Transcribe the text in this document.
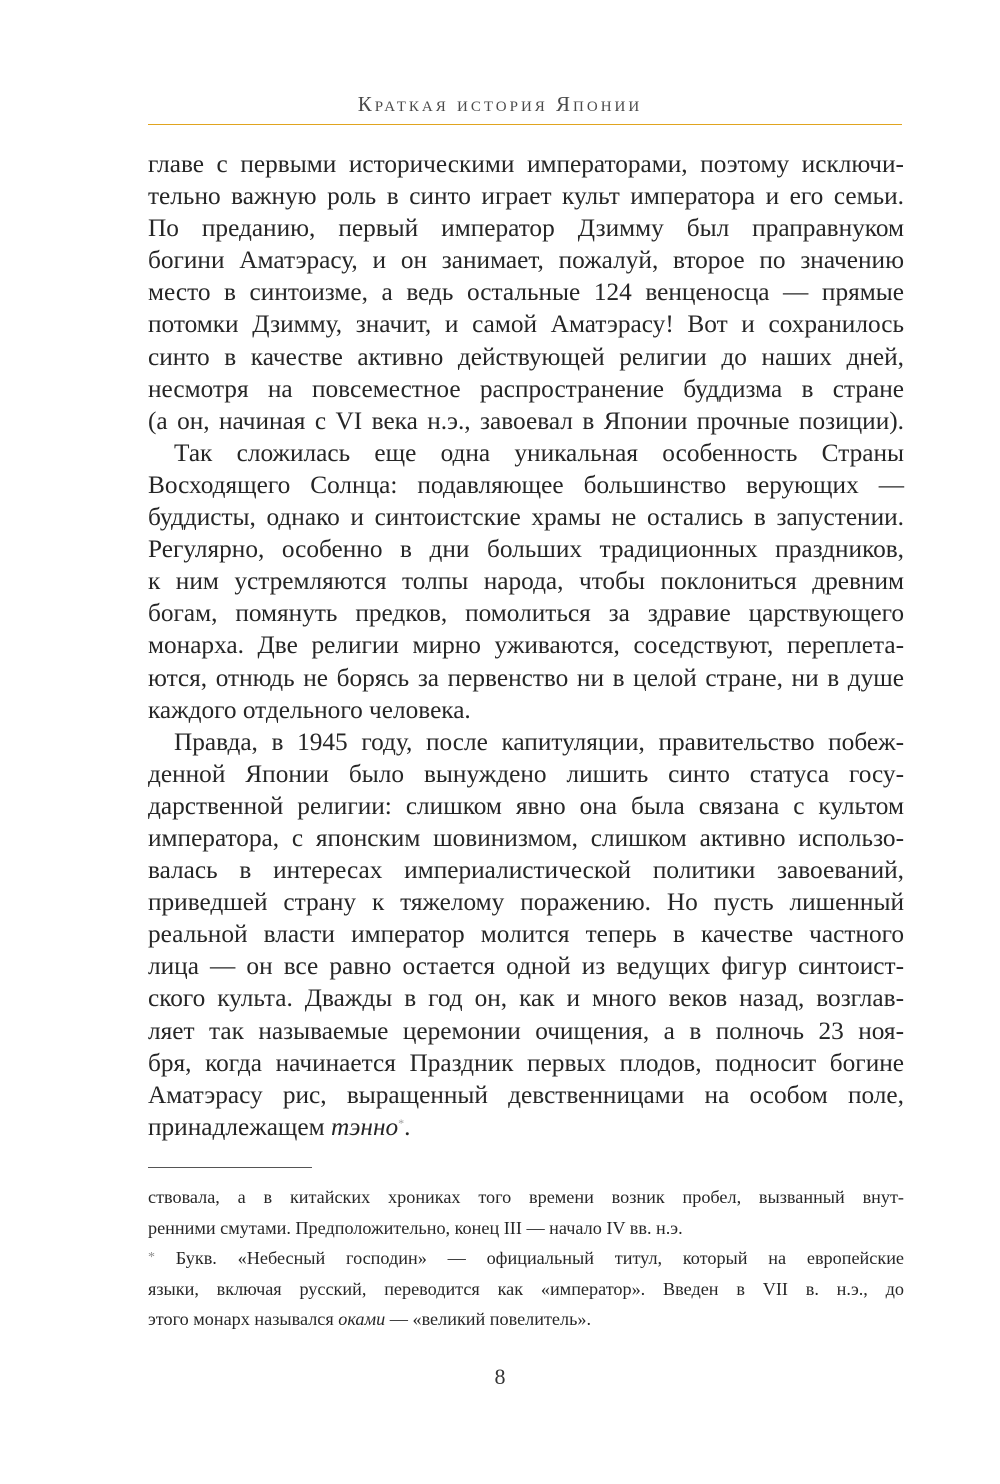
Краткая история Японии
главе с первыми историческими императорами, поэтому исключи-
тельно важную роль в синто играет культ императора и его семьи.
По преданию, первый император Дзимму был праправнуком
богини Аматэрасу, и он занимает, пожалуй, второе по значению
место в синтоизме, а ведь остальные 124 венценосца — прямые
потомки Дзимму, значит, и самой Аматэрасу! Вот и сохранилось
синто в качестве активно действующей религии до наших дней,
несмотря на повсеместное распространение буддизма в стране
(а он, начиная с VI века н.э., завоевал в Японии прочные позиции).
Так сложилась еще одна уникальная особенность Страны
Восходящего Солнца: подавляющее большинство верующих —
буддисты, однако и синтоистские храмы не остались в запустении.
Регулярно, особенно в дни больших традиционных праздников,
к ним устремляются толпы народа, чтобы поклониться древним
богам, помянуть предков, помолиться за здравие царствующего
монарха. Две религии мирно уживаются, соседствуют, переплета-
ются, отнюдь не борясь за первенство ни в целой стране, ни в душе
каждого отдельного человека.
Правда, в 1945 году, после капитуляции, правительство побеж-
денной Японии было вынуждено лишить синто статуса госу-
дарственной религии: слишком явно она была связана с культом
императора, с японским шовинизмом, слишком активно использо-
валась в интересах империалистической политики завоеваний,
приведшей страну к тяжелому поражению. Но пусть лишенный
реальной власти император молится теперь в качестве частного
лица — он все равно остается одной из ведущих фигур синтоист-
ского культа. Дважды в год он, как и много веков назад, возглав-
ляет так называемые церемонии очищения, а в полночь 23 ноя-
бря, когда начинается Праздник первых плодов, подносит богине
Аматэрасу рис, выращенный девственницами на особом поле,
принадлежащем тэнно*.
ствовала, а в китайских хрониках того времени возник пробел, вызванный внут-
ренними смутами. Предположительно, конец III — начало IV вв. н.э.
* Букв. «Небесный господин» — официальный титул, который на европейские
языки, включая русский, переводится как «император». Введен в VII в. н.э., до
этого монарх назывался оками — «великий повелитель».
8
